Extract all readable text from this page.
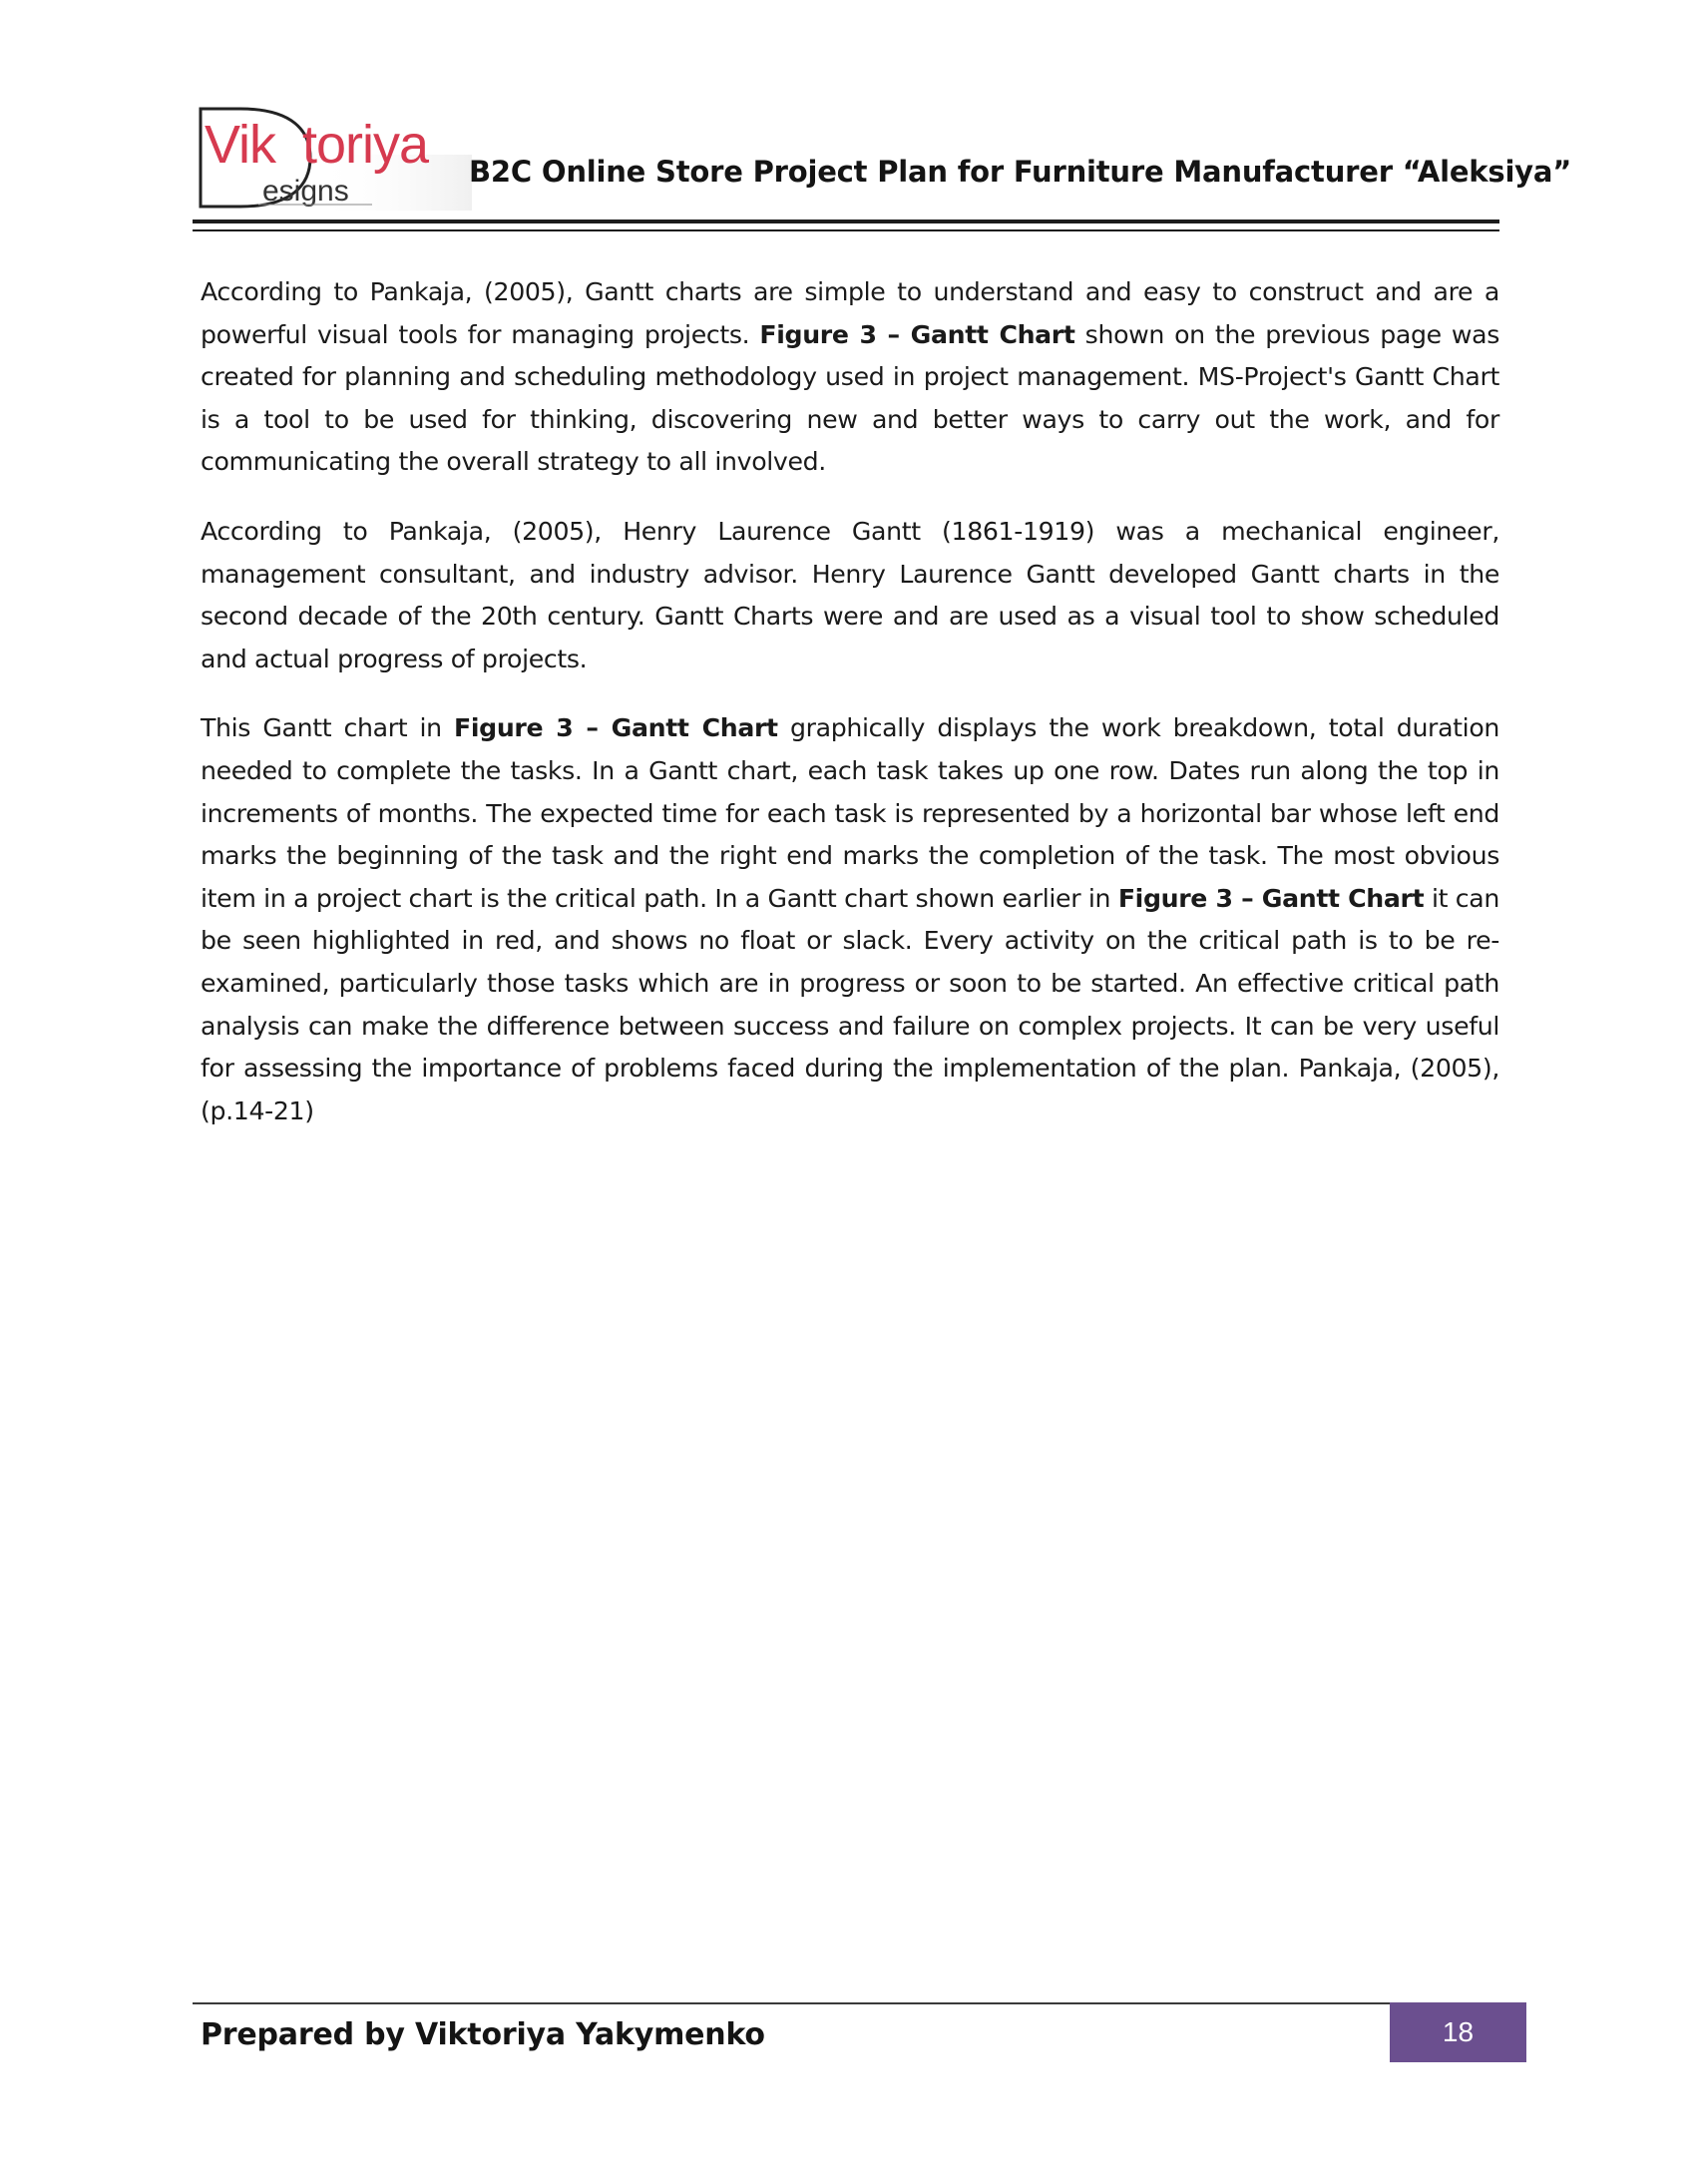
Vik toriya
esigns
B2C Online Store Project Plan for Furniture Manufacturer “Aleksiya”

According to Pankaja, (2005), Gantt charts are simple to understand and easy to construct and are a powerful visual tools for managing projects. Figure 3 – Gantt Chart shown on the previous page was created for planning and scheduling methodology used in project management. MS-Project's Gantt Chart is a tool to be used for thinking, discovering new and better ways to carry out the work, and for communicating the overall strategy to all involved.

According to Pankaja, (2005), Henry Laurence Gantt (1861-1919) was a mechanical engineer, management consultant, and industry advisor. Henry Laurence Gantt developed Gantt charts in the second decade of the 20th century. Gantt Charts were and are used as a visual tool to show scheduled and actual progress of projects.

This Gantt chart in Figure 3 – Gantt Chart graphically displays the work breakdown, total duration needed to complete the tasks. In a Gantt chart, each task takes up one row. Dates run along the top in increments of months. The expected time for each task is represented by a horizontal bar whose left end marks the beginning of the task and the right end marks the completion of the task. The most obvious item in a project chart is the critical path. In a Gantt chart shown earlier in Figure 3 – Gantt Chart it can be seen highlighted in red, and shows no float or slack. Every activity on the critical path is to be re-examined, particularly those tasks which are in progress or soon to be started. An effective critical path analysis can make the difference between success and failure on complex projects. It can be very useful for assessing the importance of problems faced during the implementation of the plan. Pankaja, (2005), (p.14-21)

Prepared by Viktoriya Yakymenko	18
